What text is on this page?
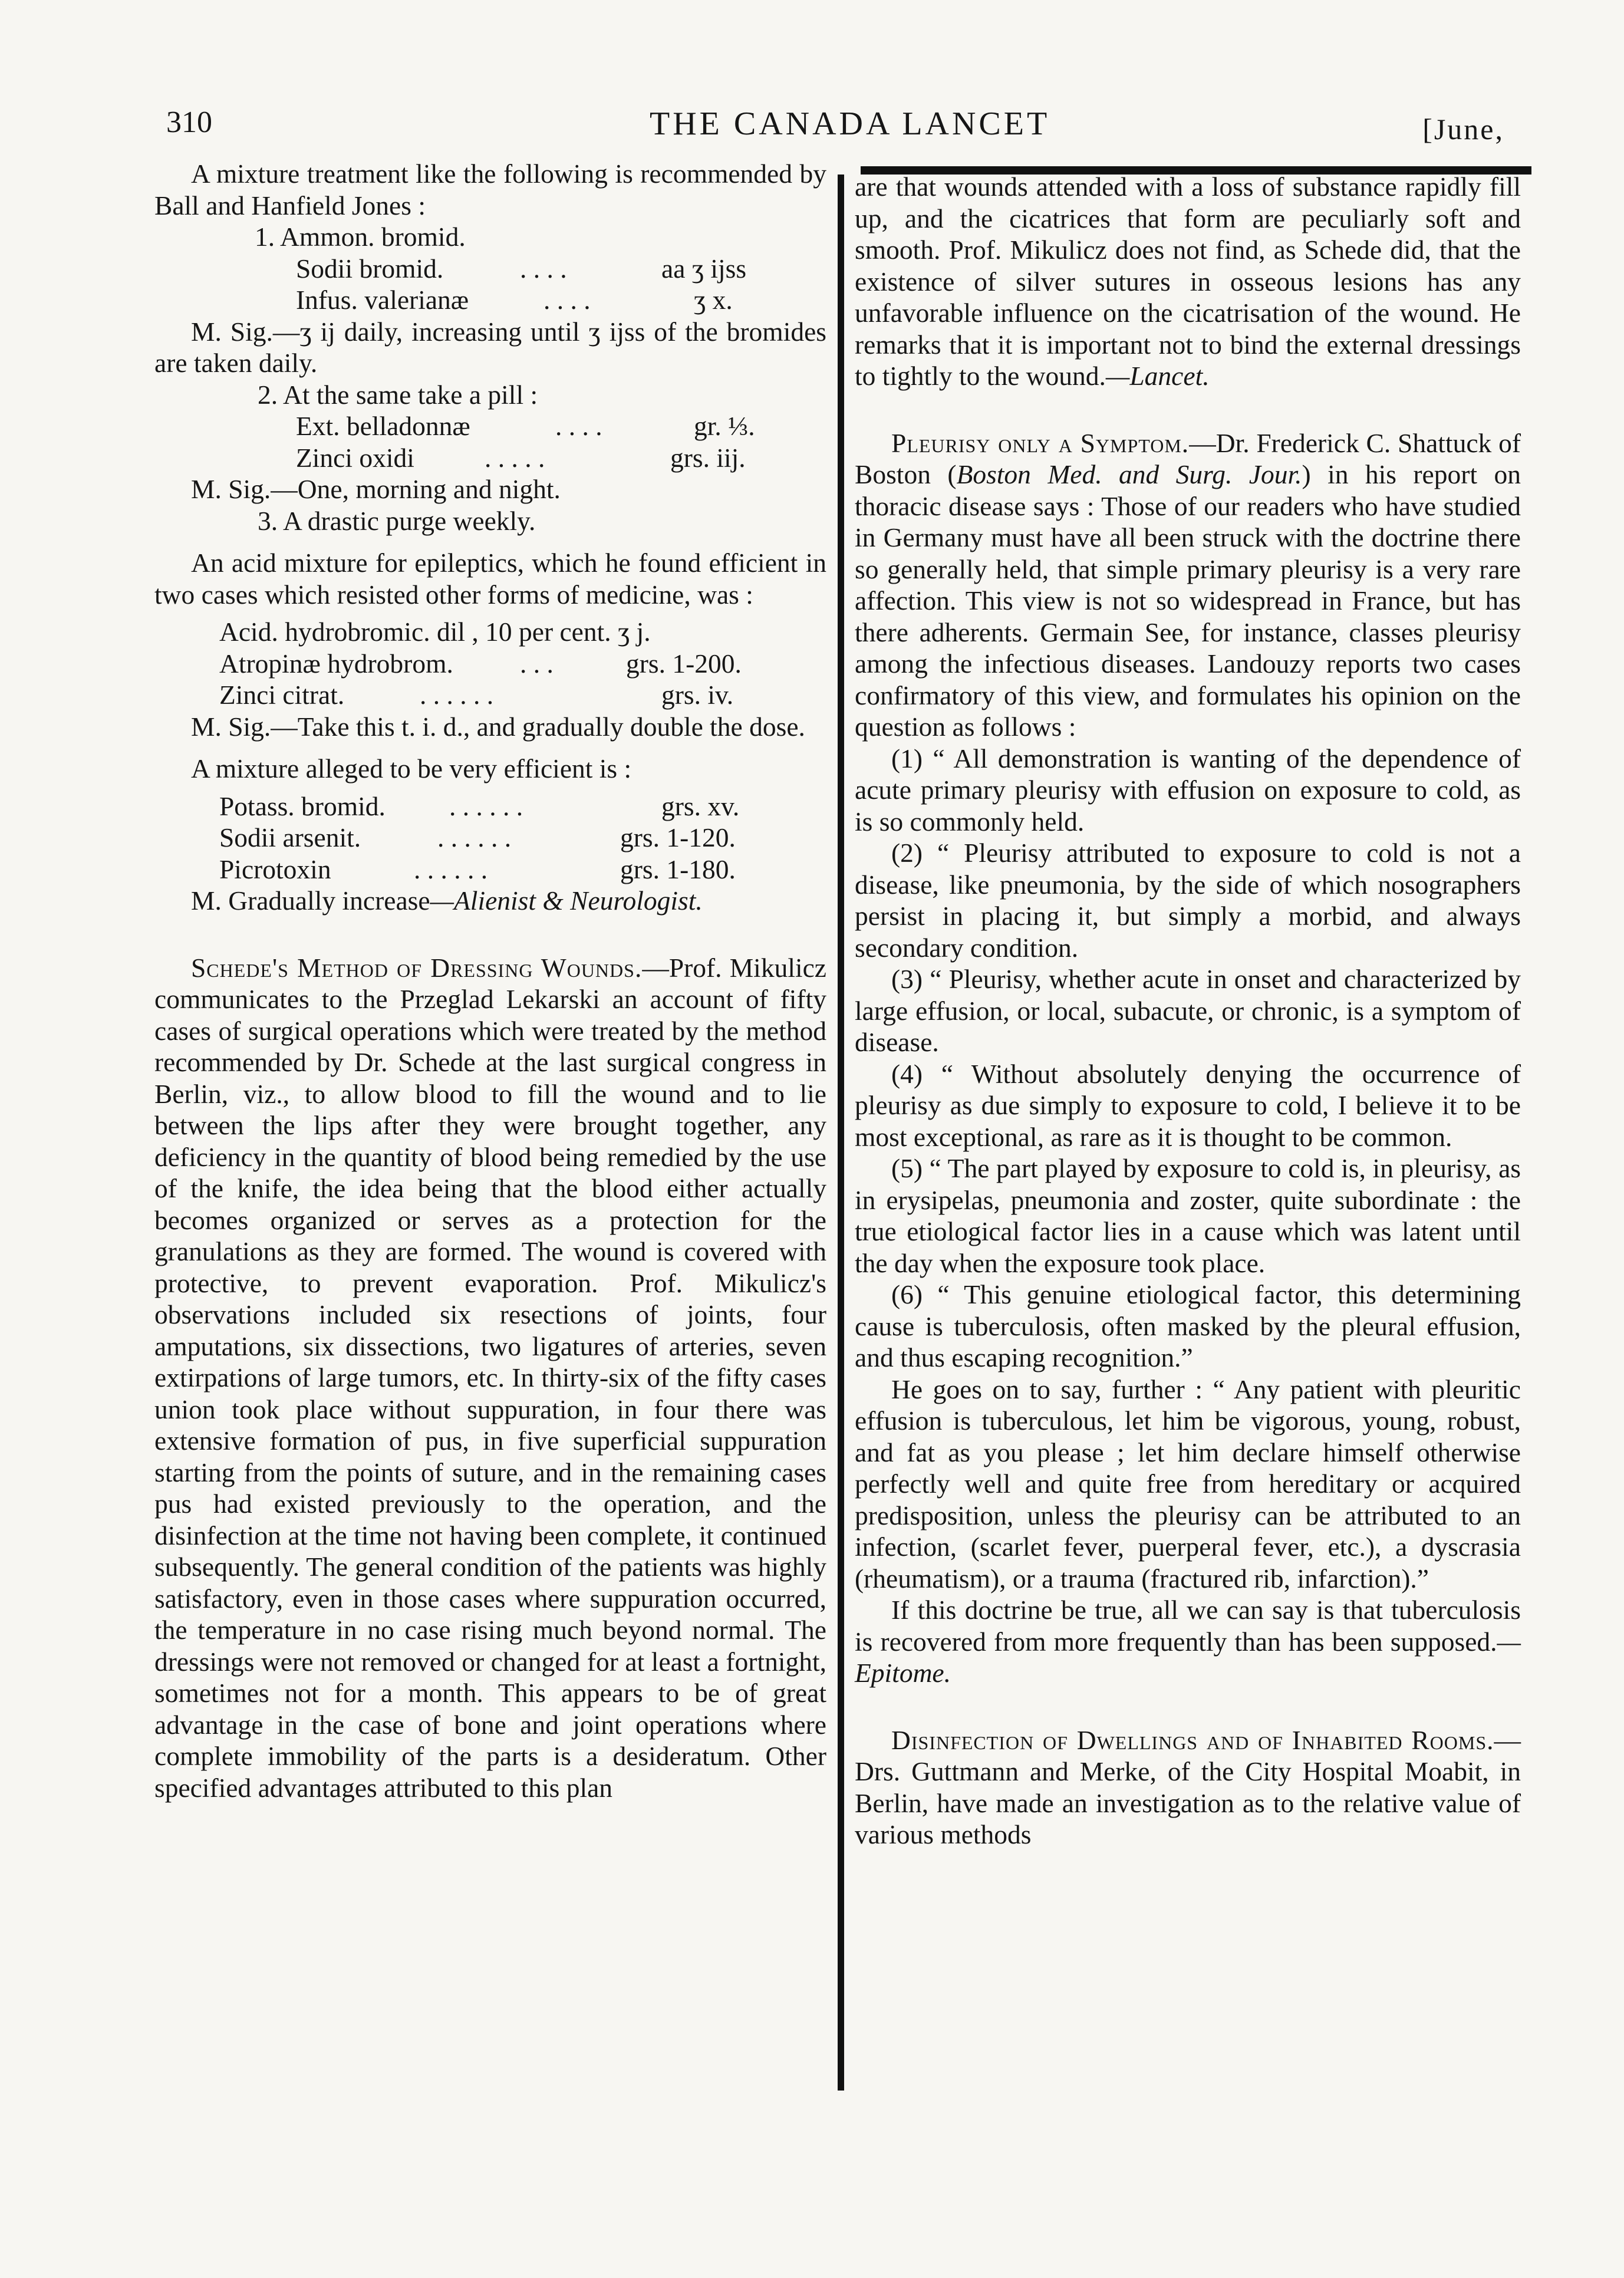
310	THE CANADA LANCET	[June,

A mixture treatment like the following is recommended by Ball and Hanfield Jones :

1. Ammon. bromid.
Sodii bromid.	. . . .	aa ʒ ijss
Infus. valerianæ	. . . .	ʒ x.

M. Sig.—ʒ ij daily, increasing until ʒ ijss of the bromides are taken daily.

2. At the same take a pill :
Ext. belladonnæ	. . . .	gr. ⅓.
Zinci oxidi	. . . . .	grs. iij.

M. Sig.—One, morning and night.

3. A drastic purge weekly.

An acid mixture for epileptics, which he found efficient in two cases which resisted other forms of medicine, was :

Acid. hydrobromic. dil , 10 per cent. ʒ j.
Atropinæ hydrobrom. . . .	grs. 1-200.
Zinci citrat.	. . . . . .	grs. iv.

M. Sig.—Take this t. i. d., and gradually double the dose.

A mixture alleged to be very efficient is :

Potass. bromid. . . . . . .	grs. xv.
Sodii arsenit.	. . . . . .	grs. 1-120.
Picrotoxin	. . . . . .	grs. 1-180.

M. Gradually increase—Alienist & Neurologist.

Schede's Method of Dressing Wounds.—Prof. Mikulicz communicates to the Przeglad Lekarski an account of fifty cases of surgical operations which were treated by the method recommended by Dr. Schede at the last surgical congress in Berlin, viz., to allow blood to fill the wound and to lie between the lips after they were brought together, any deficiency in the quantity of blood being remedied by the use of the knife, the idea being that the blood either actually becomes organized or serves as a protection for the granulations as they are formed. The wound is covered with protective, to prevent evaporation. Prof. Mikulicz's observations included six resections of joints, four amputations, six dissections, two ligatures of arteries, seven extirpations of large tumors, etc. In thirty-six of the fifty cases union took place without suppuration, in four there was extensive formation of pus, in five superficial suppuration starting from the points of suture, and in the remaining cases pus had existed previously to the operation, and the disinfection at the time not having been complete, it continued subsequently. The general condition of the patients was highly satisfactory, even in those cases where suppuration occurred, the temperature in no case rising much beyond normal. The dressings were not removed or changed for at least a fortnight, sometimes not for a month. This appears to be of great advantage in the case of bone and joint operations where complete immobility of the parts is a desideratum. Other specified advantages attributed to this plan

are that wounds attended with a loss of substance rapidly fill up, and the cicatrices that form are peculiarly soft and smooth. Prof. Mikulicz does not find, as Schede did, that the existence of silver sutures in osseous lesions has any unfavorable influence on the cicatrisation of the wound. He remarks that it is important not to bind the external dressings to tightly to the wound.—Lancet.

Pleurisy only a Symptom.—Dr. Frederick C. Shattuck of Boston (Boston Med. and Surg. Jour.) in his report on thoracic disease says : Those of our readers who have studied in Germany must have all been struck with the doctrine there so generally held, that simple primary pleurisy is a very rare affection. This view is not so widespread in France, but has there adherents. Germain See, for instance, classes pleurisy among the infectious diseases. Landouzy reports two cases confirmatory of this view, and formulates his opinion on the question as follows :

(1) “ All demonstration is wanting of the dependence of acute primary pleurisy with effusion on exposure to cold, as is so commonly held.

(2) “ Pleurisy attributed to exposure to cold is not a disease, like pneumonia, by the side of which nosographers persist in placing it, but simply a morbid, and always secondary condition.

(3) “ Pleurisy, whether acute in onset and characterized by large effusion, or local, subacute, or chronic, is a symptom of disease.

(4) “ Without absolutely denying the occurrence of pleurisy as due simply to exposure to cold, I believe it to be most exceptional, as rare as it is thought to be common.

(5) “ The part played by exposure to cold is, in pleurisy, as in erysipelas, pneumonia and zoster, quite subordinate : the true etiological factor lies in a cause which was latent until the day when the exposure took place.

(6) “ This genuine etiological factor, this determining cause is tuberculosis, often masked by the pleural effusion, and thus escaping recognition.”

He goes on to say, further : “ Any patient with pleuritic effusion is tuberculous, let him be vigorous, young, robust, and fat as you please ; let him declare himself otherwise perfectly well and quite free from hereditary or acquired predisposition, unless the pleurisy can be attributed to an infection, (scarlet fever, puerperal fever, etc.), a dyscrasia (rheumatism), or a trauma (fractured rib, infarction).”

If this doctrine be true, all we can say is that tuberculosis is recovered from more frequently than has been supposed.—Epitome.

Disinfection of Dwellings and of Inhabited Rooms.—Drs. Guttmann and Merke, of the City Hospital Moabit, in Berlin, have made an investigation as to the relative value of various methods
